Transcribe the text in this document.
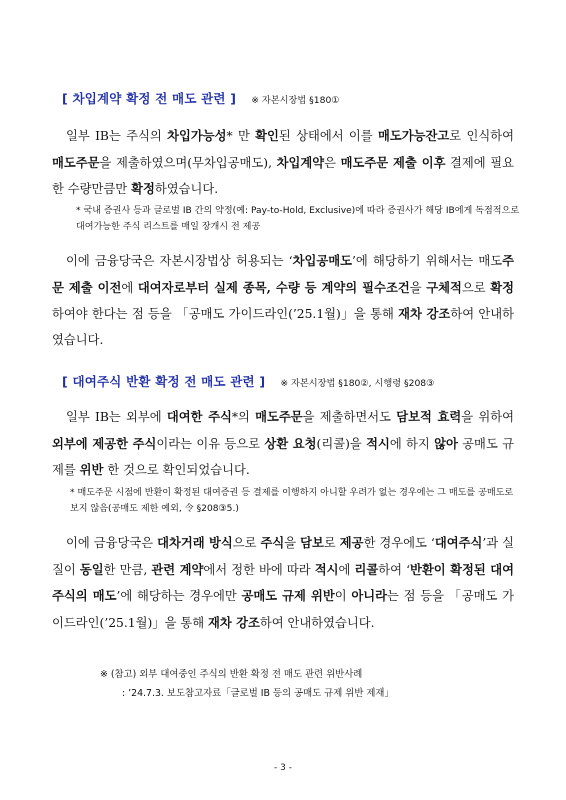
[ 차입계약 확정 전 매도 관련 ] ※ 자본시장법 §180①

일부 IB는 주식의 차입가능성* 만 확인된 상태에서 이를 매도가능잔고로 인식하여 매도주문을 제출하였으며(무차입공매도), 차입계약은 매도주문 제출 이후 결제에 필요한 수량만큼만 확정하였습니다.

* 국내 증권사 등과 글로벌 IB 간의 약정(예: Pay-to-Hold, Exclusive)에 따라 증권사가 해당 IB에게 독점적으로 대여가능한 주식 리스트를 매일 장개시 전 제공

이에 금융당국은 자본시장법상 허용되는 ‘차입공매도’에 해당하기 위해서는 매도주문 제출 이전에 대여자로부터 실제 종목, 수량 등 계약의 필수조건을 구체적으로 확정하여야 한다는 점 등을 「공매도 가이드라인(’25.1월)」을 통해 재차 강조하여 안내하였습니다.

[ 대여주식 반환 확정 전 매도 관련 ] ※ 자본시장법 §180②, 시행령 §208③

일부 IB는 외부에 대여한 주식*의 매도주문을 제출하면서도 담보적 효력을 위하여 외부에 제공한 주식이라는 이유 등으로 상환 요청(리콜)을 적시에 하지 않아 공매도 규제를 위반 한 것으로 확인되었습니다.

* 매도주문 시점에 반환이 확정된 대여증권 등 결제를 이행하지 아니할 우려가 없는 경우에는 그 매도를 공매도로 보지 않음(공매도 제한 예외, 令 §208③5.)

이에 금융당국은 대차거래 방식으로 주식을 담보로 제공한 경우에도 ‘대여주식’과 실질이 동일한 만큼, 관련 계약에서 정한 바에 따라 적시에 리콜하여 ‘반환이 확정된 대여주식의 매도’에 해당하는 경우에만 공매도 규제 위반이 아니라는 점 등을 「공매도 가이드라인(’25.1월)」을 통해 재차 강조하여 안내하였습니다.

※ (참고) 외부 대여중인 주식의 반환 확정 전 매도 관련 위반사례
: ’24.7.3. 보도참고자료「글로벌 IB 등의 공매도 규제 위반 제재」
- 3 -
